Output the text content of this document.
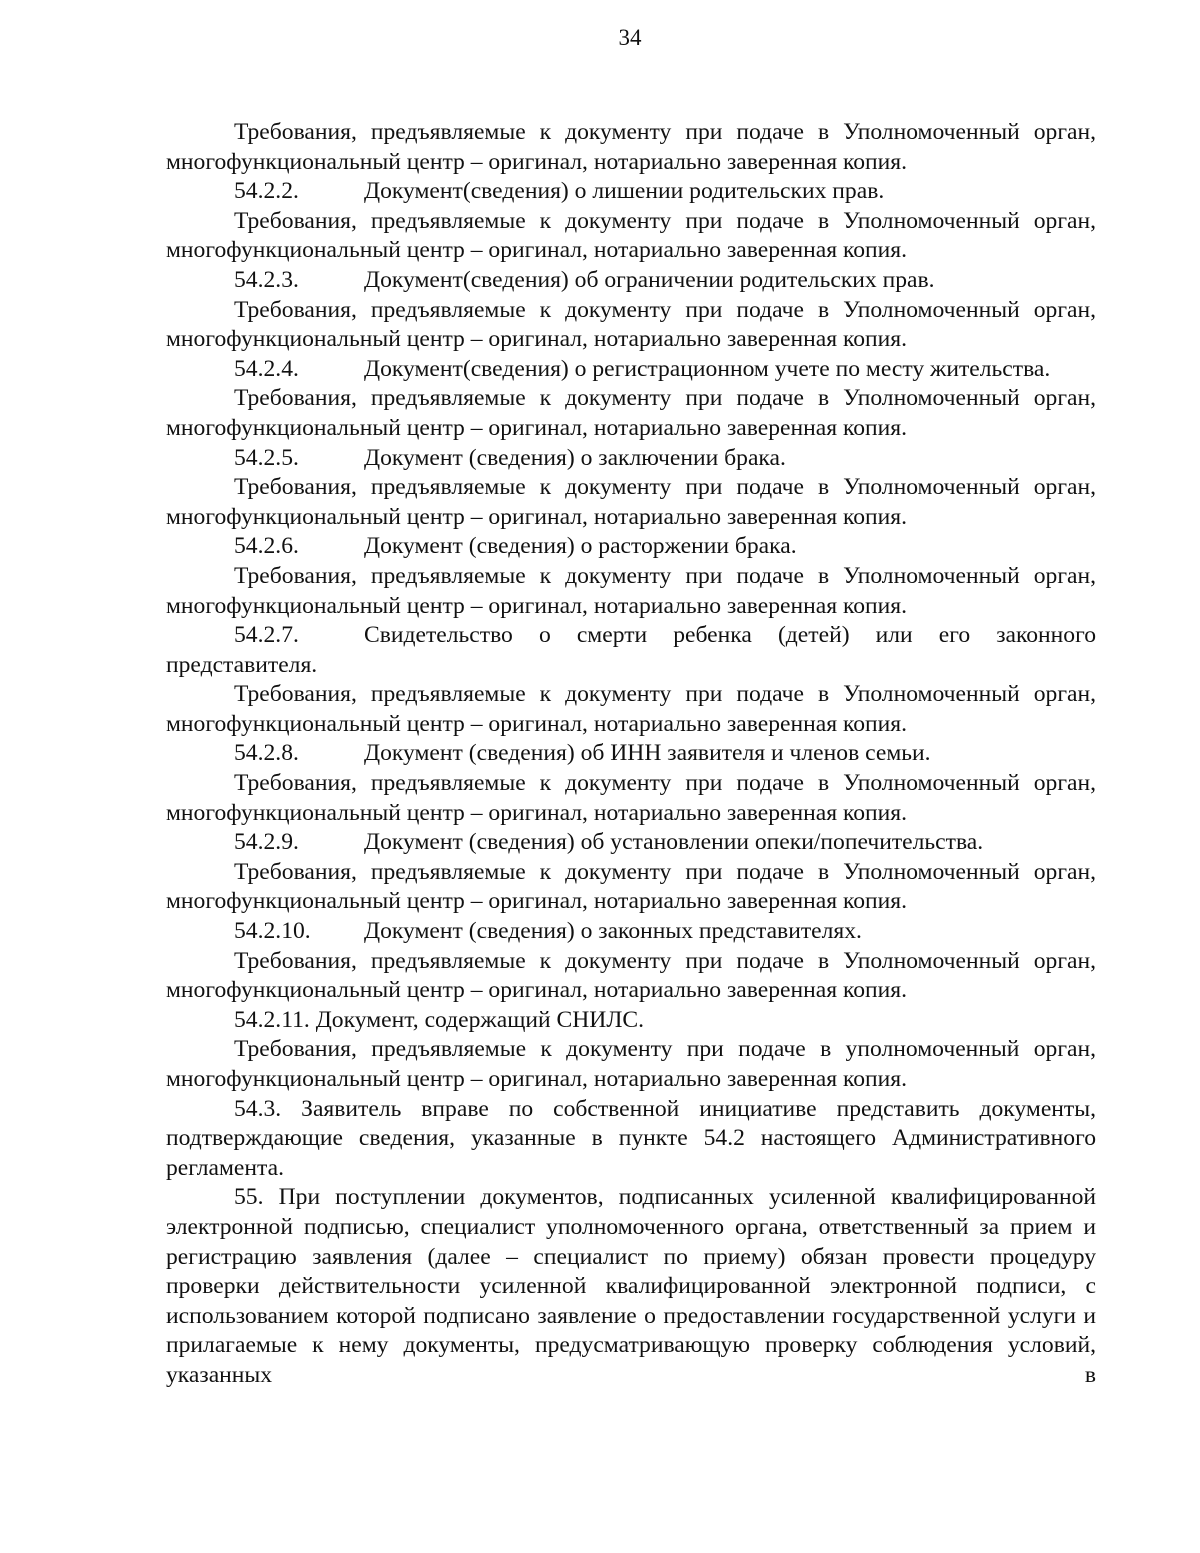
34

Требования, предъявляемые к документу при подаче в Уполномоченный орган, многофункциональный центр – оригинал, нотариально заверенная копия.

54.2.2.	Документ(сведения) о лишении родительских прав.

Требования, предъявляемые к документу при подаче в Уполномоченный орган, многофункциональный центр – оригинал, нотариально заверенная копия.

54.2.3.	Документ(сведения) об ограничении родительских прав.

Требования, предъявляемые к документу при подаче в Уполномоченный орган, многофункциональный центр – оригинал, нотариально заверенная копия.

54.2.4.	Документ(сведения) о регистрационном учете по месту жительства.

Требования, предъявляемые к документу при подаче в Уполномоченный орган, многофункциональный центр – оригинал, нотариально заверенная копия.

54.2.5.	Документ (сведения) о заключении брака.

Требования, предъявляемые к документу при подаче в Уполномоченный орган, многофункциональный центр – оригинал, нотариально заверенная копия.

54.2.6.	Документ (сведения) о расторжении брака.

Требования, предъявляемые к документу при подаче в Уполномоченный орган, многофункциональный центр – оригинал, нотариально заверенная копия.

54.2.7.	Свидетельство о смерти ребенка (детей) или его законного представителя.

Требования, предъявляемые к документу при подаче в Уполномоченный орган, многофункциональный центр – оригинал, нотариально заверенная копия.

54.2.8.	Документ (сведения) об ИНН заявителя и членов семьи.

Требования, предъявляемые к документу при подаче в Уполномоченный орган, многофункциональный центр – оригинал, нотариально заверенная копия.

54.2.9.	Документ (сведения) об установлении опеки/попечительства.

Требования, предъявляемые к документу при подаче в Уполномоченный орган, многофункциональный центр – оригинал, нотариально заверенная копия.

54.2.10. Документ (сведения) о законных представителях.

Требования, предъявляемые к документу при подаче в Уполномоченный орган, многофункциональный центр – оригинал, нотариально заверенная копия.

54.2.11. Документ, содержащий СНИЛС.

Требования, предъявляемые к документу при подаче в уполномоченный орган, многофункциональный центр – оригинал, нотариально заверенная копия.

54.3. Заявитель вправе по собственной инициативе представить документы, подтверждающие сведения, указанные в пункте 54.2 настоящего Административного регламента.

55. При поступлении документов, подписанных усиленной квалифицированной электронной подписью, специалист уполномоченного органа, ответственный за прием и регистрацию заявления (далее – специалист по приему) обязан провести процедуру проверки действительности усиленной квалифицированной электронной подписи, с использованием которой подписано заявление о предоставлении государственной услуги и прилагаемые к нему документы, предусматривающую проверку соблюдения условий, указанных в
